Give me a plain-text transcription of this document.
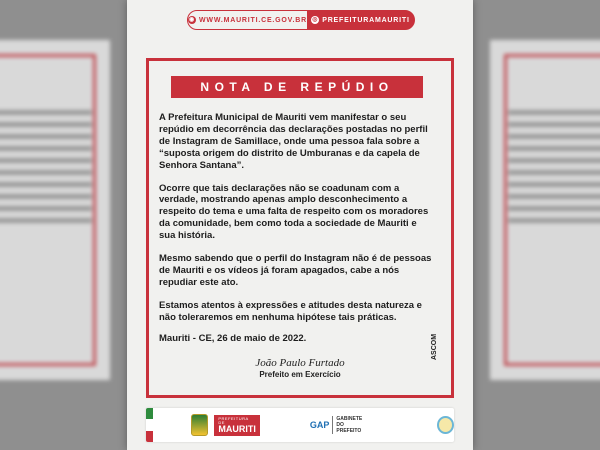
◉ WWW.MAURITI.CE.GOV.BR ◎ PREFEITURAMAURITI
NOTA DE REPÚDIO

A Prefeitura Municipal de Mauriti vem manifestar o seu repúdio em decorrência das declarações postadas no perfil de Instagram de Samillace, onde uma pessoa fala sobre a “suposta origem do distrito de Umburanas e da capela de Senhora Santana”.

Ocorre que tais declarações não se coadunam com a verdade, mostrando apenas amplo desconhecimento a respeito do tema e uma falta de respeito com os moradores da comunidade, bem como toda a sociedade de Mauriti e sua história.

Mesmo sabendo que o perfil do Instagram não é de pessoas de Mauriti e os vídeos já foram apagados, cabe a nós repudiar este ato.

Estamos atentos à expressões e atitudes desta natureza e não toleraremos em nenhuma hipótese tais práticas.

Mauriti - CE, 26 de maio de 2022.
João Paulo Furtado
Prefeito em Exercício
ASCOM
PREFEITURA DE
MAURITI	GAP
GABINETE DO
PREFEITO
